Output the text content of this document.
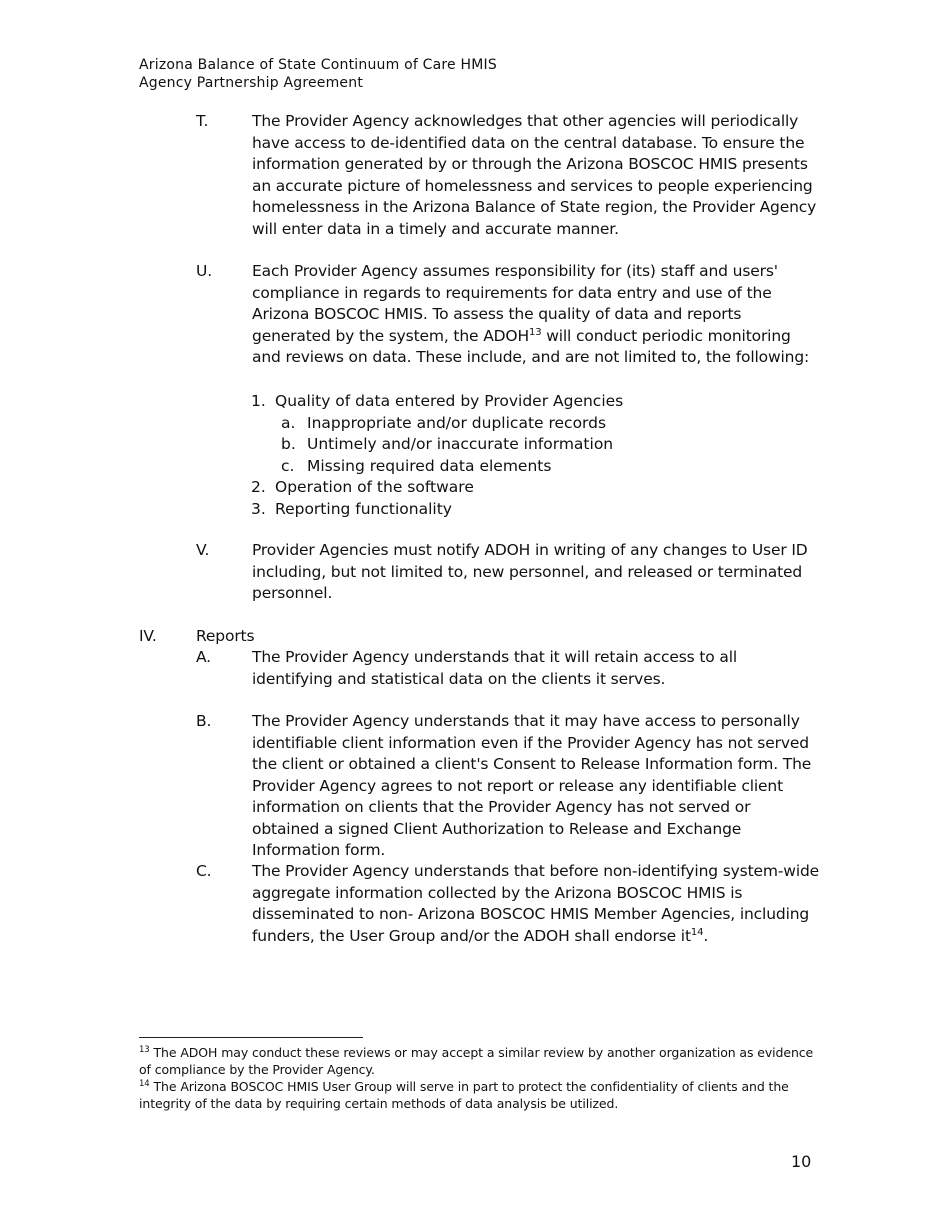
Arizona Balance of State Continuum of Care HMIS
Agency Partnership Agreement
T.	The Provider Agency acknowledges that other agencies will periodically have access to de-identified data on the central database. To ensure the information generated by or through the Arizona BOSCOC HMIS presents an accurate picture of homelessness and services to people experiencing homelessness in the Arizona Balance of State region, the Provider Agency will enter data in a timely and accurate manner.
U.	Each Provider Agency assumes responsibility for (its) staff and users' compliance in regards to requirements for data entry and use of the Arizona BOSCOC HMIS. To assess the quality of data and reports generated by the system, the ADOH$^{13}$ will conduct periodic monitoring and reviews on data. These include, and are not limited to, the following:
1. Quality of data entered by Provider Agencies
a. Inappropriate and/or duplicate records
b. Untimely and/or inaccurate information
c. Missing required data elements
2. Operation of the software
3. Reporting functionality
V.	Provider Agencies must notify ADOH in writing of any changes to User ID including, but not limited to, new personnel, and released or terminated personnel.
IV.	Reports
A.	The Provider Agency understands that it will retain access to all identifying and statistical data on the clients it serves.
B.	The Provider Agency understands that it may have access to personally identifiable client information even if the Provider Agency has not served the client or obtained a client's Consent to Release Information form. The Provider Agency agrees to not report or release any identifiable client information on clients that the Provider Agency has not served or obtained a signed Client Authorization to Release and Exchange Information form.
C.	The Provider Agency understands that before non-identifying system-wide aggregate information collected by the Arizona BOSCOC HMIS is disseminated to non- Arizona BOSCOC HMIS Member Agencies, including funders, the User Group and/or the ADOH shall endorse $it^{14}$.
$^{13}$ The ADOH may conduct these reviews or may accept a similar review by another organization as evidence of compliance by the Provider Agency.
$^{14}$ The Arizona BOSCOC HMIS User Group will serve in part to protect the confidentiality of clients and the integrity of the data by requiring certain methods of data analysis be utilized.
10
